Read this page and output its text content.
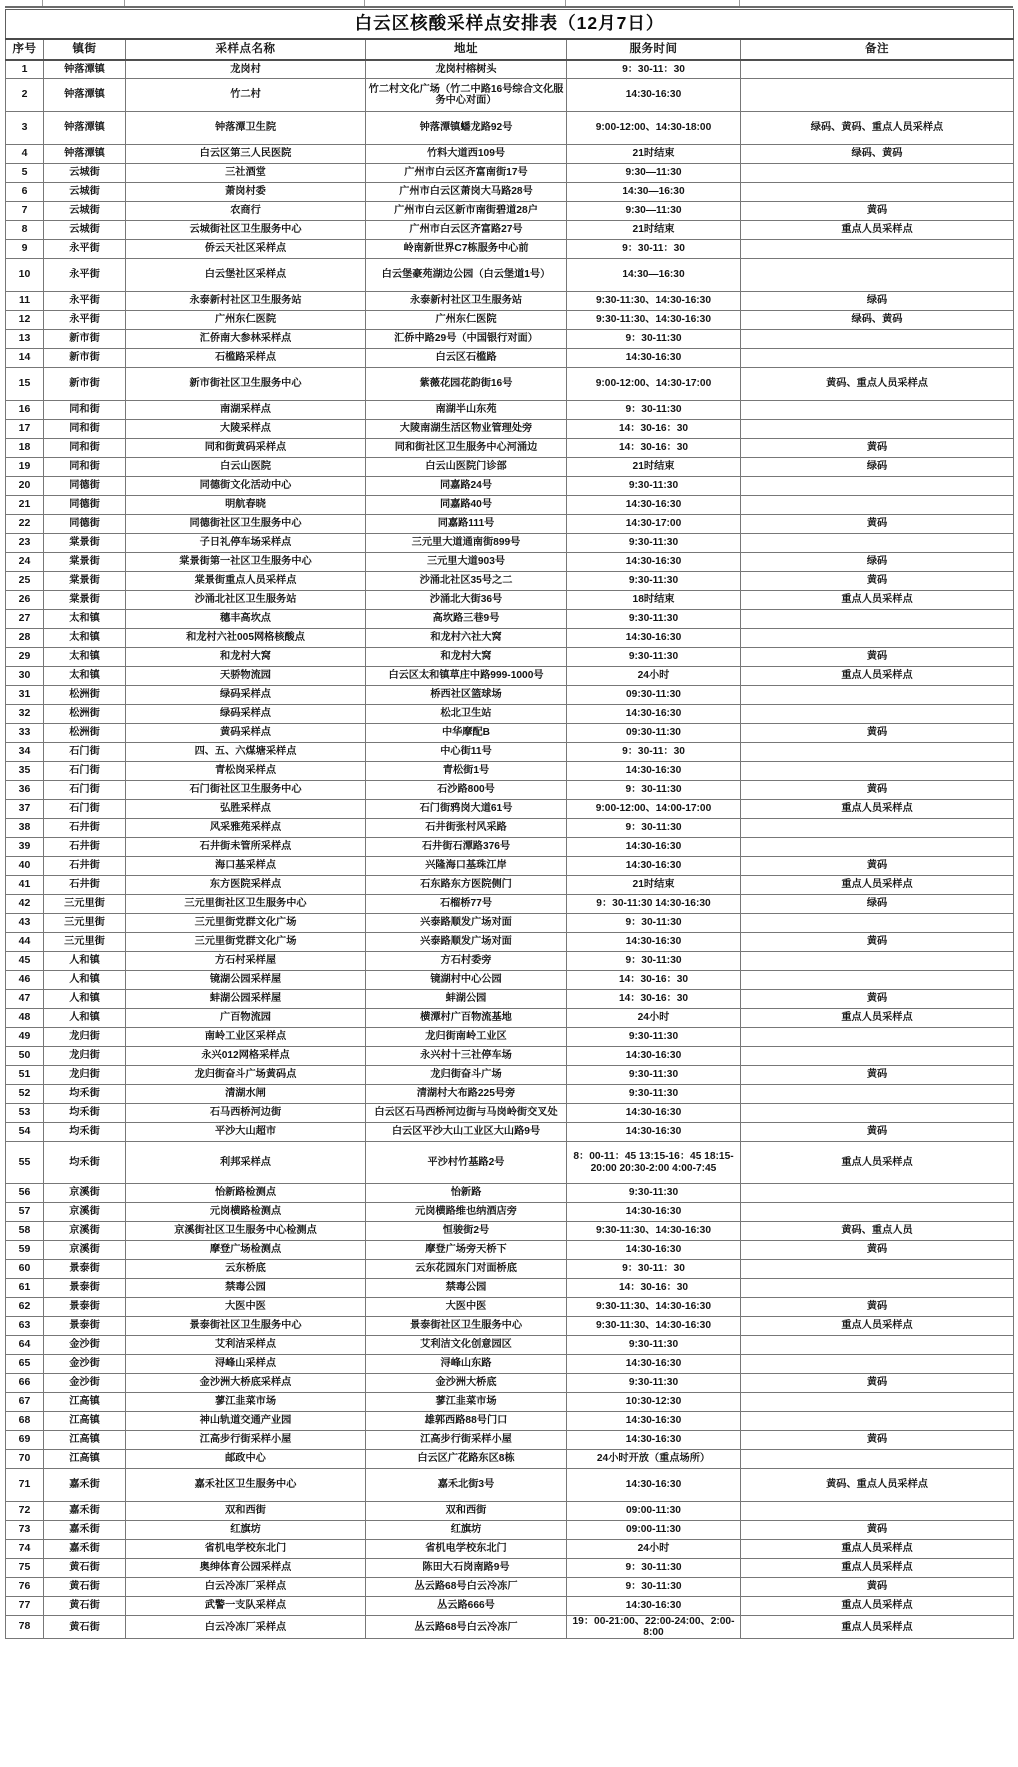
白云区核酸采样点安排表（12月7日）					
序号	镇街	采样点名称	地址	服务时间	备注
1	钟落潭镇	龙岗村	龙岗村榕树头	9：30-11：30	
2	钟落潭镇	竹二村	竹二村文化广场（竹二中路16号综合文化服务中心对面）	14:30-16:30	
3	钟落潭镇	钟落潭卫生院	钟落潭镇蟠龙路92号	9:00-12:00、14:30-18:00	绿码、黄码、重点人员采样点
4	钟落潭镇	白云区第三人民医院	竹料大道西109号	21时结束	绿码、黄码
5	云城街	三社酒堂	广州市白云区齐富南街17号	9:30—11:30	
6	云城街	萧岗村委	广州市白云区萧岗大马路28号	14:30—16:30	
7	云城街	农商行	广州市白云区新市南街碧道28户	9:30—11:30	黄码
8	云城街	云城街社区卫生服务中心	广州市白云区齐富路27号	21时结束	重点人员采样点
9	永平街	侨云天社区采样点	岭南新世界C7栋服务中心前	9：30-11：30	
10	永平街	白云堡社区采样点	白云堡豪苑湖边公园（白云堡道1号）	14:30—16:30	
11	永平街	永泰新村社区卫生服务站	永泰新村社区卫生服务站	9:30-11:30、14:30-16:30	绿码
12	永平街	广州东仁医院	广州东仁医院	9:30-11:30、14:30-16:30	绿码、黄码
13	新市街	汇侨南大参林采样点	汇侨中路29号（中国银行对面）	9：30-11:30	
14	新市街	石槛路采样点	白云区石槛路	14:30-16:30	
15	新市街	新市街社区卫生服务中心	紫薇花园花韵街16号	9:00-12:00、14:30-17:00	黄码、重点人员采样点
16	同和街	南湖采样点	南湖半山东苑	9：30-11:30	
17	同和街	大陵采样点	大陵南湖生活区物业管理处旁	14：30-16：30	
18	同和街	同和街黄码采样点	同和街社区卫生服务中心河涌边	14：30-16：30	黄码
19	同和街	白云山医院	白云山医院门诊部	21时结束	绿码
20	同德街	同德街文化活动中心	同嘉路24号	9:30-11:30	
21	同德街	明航春晓	同嘉路40号	14:30-16:30	
22	同德街	同德街社区卫生服务中心	同嘉路111号	14:30-17:00	黄码
23	棠景街	子日礼停车场采样点	三元里大道通南街899号	9:30-11:30	
24	棠景街	棠景街第一社区卫生服务中心	三元里大道903号	14:30-16:30	绿码
25	棠景街	棠景街重点人员采样点	沙涌北社区35号之二	9:30-11:30	黄码
26	棠景街	沙涌北社区卫生服务站	沙涌北大街36号	18时结束	重点人员采样点
27	太和镇	穗丰高坎点	高坎路三巷9号	9:30-11:30	
28	太和镇	和龙村六社005网格核酸点	和龙村六社大窝	14:30-16:30	
29	太和镇	和龙村大窝	和龙村大窝	9:30-11:30	黄码
30	太和镇	天骄物流园	白云区太和镇草庄中路999-1000号	24小时	重点人员采样点
31	松洲街	绿码采样点	桥西社区篮球场	09:30-11:30	
32	松洲街	绿码采样点	松北卫生站	14:30-16:30	
33	松洲街	黄码采样点	中华摩配B	09:30-11:30	黄码
34	石门街	四、五、六煤塘采样点	中心街11号	9：30-11：30	
35	石门街	青松岗采样点	青松街1号	14:30-16:30	
36	石门街	石门街社区卫生服务中心	石沙路800号	9：30-11:30	黄码
37	石门街	弘胜采样点	石门街鸦岗大道61号	9:00-12:00、14:00-17:00	重点人员采样点
38	石井街	风采雅苑采样点	石井街张村风采路	9：30-11:30	
39	石井街	石井街未管所采样点	石井街石潭路376号	14:30-16:30	
40	石井街	海口基采样点	兴隆海口基珠江岸	14:30-16:30	黄码
41	石井街	东方医院采样点	石东路东方医院侧门	21时结束	重点人员采样点
42	三元里街	三元里街社区卫生服务中心	石榴桥77号	9：30-11:30 14:30-16:30	绿码
43	三元里街	三元里街党群文化广场	兴泰路顺发广场对面	9：30-11:30	
44	三元里街	三元里街党群文化广场	兴泰路顺发广场对面	14:30-16:30	黄码
45	人和镇	方石村采样屋	方石村委旁	9：30-11:30	
46	人和镇	镜湖公园采样屋	镜湖村中心公园	14：30-16：30	
47	人和镇	蚌湖公园采样屋	蚌湖公园	14：30-16：30	黄码
48	人和镇	广百物流园	横潭村广百物流基地	24小时	重点人员采样点
49	龙归街	南岭工业区采样点	龙归街南岭工业区	9:30-11:30	
50	龙归街	永兴012网格采样点	永兴村十三社停车场	14:30-16:30	
51	龙归街	龙归街奋斗广场黄码点	龙归街奋斗广场	9:30-11:30	黄码
52	均禾街	清湖水闸	清湖村大布路225号旁	9:30-11:30	
53	均禾街	石马西桥河边街	白云区石马西桥河边街与马岗岭街交叉处	14:30-16:30	
54	均禾街	平沙大山超市	白云区平沙大山工业区大山路9号	14:30-16:30	黄码
55	均禾街	利邦采样点	平沙村竹基路2号	8：00-11：45 13:15-16：45 18:15-20:00 20:30-2:00 4:00-7:45	重点人员采样点
56	京溪街	怡新路检测点	怡新路	9:30-11:30	
57	京溪街	元岗横路检测点	元岗横路维也纳酒店旁	14:30-16:30	
58	京溪街	京溪街社区卫生服务中心检测点	恒骏街2号	9:30-11:30、14:30-16:30	黄码、重点人员
59	京溪街	摩登广场检测点	摩登广场旁天桥下	14:30-16:30	黄码
60	景泰街	云东桥底	云东花园东门对面桥底	9：30-11：30	
61	景泰街	禁毒公园	禁毒公园	14：30-16：30	
62	景泰街	大医中医	大医中医	9:30-11:30、14:30-16:30	黄码
63	景泰街	景泰街社区卫生服务中心	景泰街社区卫生服务中心	9:30-11:30、14:30-16:30	重点人员采样点
64	金沙街	艾利洁采样点	艾利洁文化创意园区	9:30-11:30	
65	金沙街	浔峰山采样点	浔峰山东路	14:30-16:30	
66	金沙街	金沙洲大桥底采样点	金沙洲大桥底	9:30-11:30	黄码
67	江高镇	蓼江韭菜市场	蓼江韭菜市场	10:30-12:30	
68	江高镇	神山轨道交通产业园	雄郭西路88号门口	14:30-16:30	
69	江高镇	江高步行街采样小屋	江高步行街采样小屋	14:30-16:30	黄码
70	江高镇	邮政中心	白云区广花路东区8栋	24小时开放（重点场所）	
71	嘉禾街	嘉禾社区卫生服务中心	嘉禾北街3号	14:30-16:30	黄码、重点人员采样点
72	嘉禾街	双和西街	双和西街	09:00-11:30	
73	嘉禾街	红旗坊	红旗坊	09:00-11:30	黄码
74	嘉禾街	省机电学校东北门	省机电学校东北门	24小时	重点人员采样点
75	黄石街	奥绅体育公园采样点	陈田大石岗南路9号	9：30-11:30	重点人员采样点
76	黄石街	白云冷冻厂采样点	丛云路68号白云冷冻厂	9：30-11:30	黄码
77	黄石街	武警一支队采样点	丛云路666号	14:30-16:30	重点人员采样点
78	黄石街	白云冷冻厂采样点	丛云路68号白云冷冻厂	19：00-21:00、22:00-24:00、2:00-8:00	重点人员采样点
